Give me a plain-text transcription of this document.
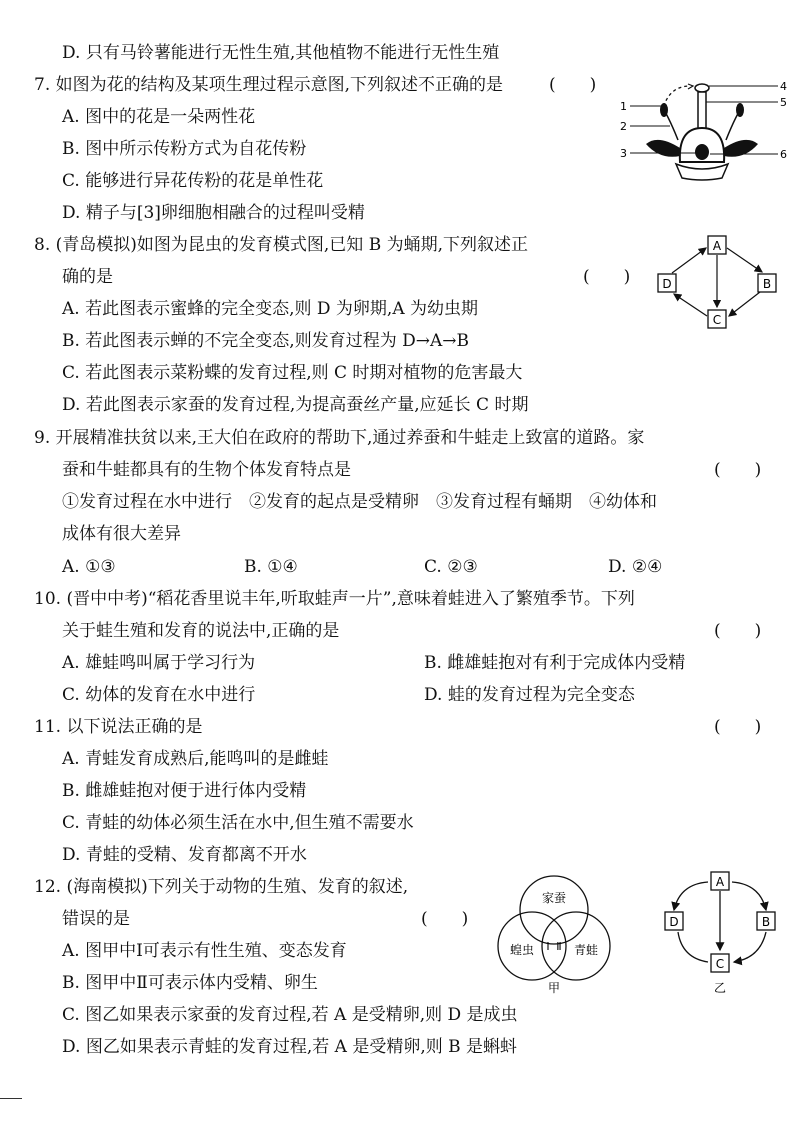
D. 只有马铃薯能进行无性生殖,其他植物不能进行无性生殖
7. 如图为花的结构及某项生理过程示意图,下列叙述不正确的是	(　　)
A. 图中的花是一朵两性花
B. 图中所示传粉方式为自花传粉
C. 能够进行异花传粉的花是单性花
D. 精子与[3]卵细胞相融合的过程叫受精
1
2
3
4
5
6
8. (青岛模拟)如图为昆虫的发育模式图,已知 B 为蛹期,下列叙述正
确的是	(　　)
A. 若此图表示蜜蜂的完全变态,则 D 为卵期,A 为幼虫期
B. 若此图表示蝉的不完全变态,则发育过程为 D→A→B
C. 若此图表示菜粉蝶的发育过程,则 C 时期对植物的危害最大
D. 若此图表示家蚕的发育过程,为提高蚕丝产量,应延长 C 时期
A
B
C
D
9. 开展精准扶贫以来,王大伯在政府的帮助下,通过养蚕和牛蛙走上致富的道路。家
蚕和牛蛙都具有的生物个体发育特点是	(　　)
①发育过程在水中进行　②发育的起点是受精卵　③发育过程有蛹期　④幼体和
成体有很大差异
A. ①③	B. ①④	C. ②③	D. ②④
10. (晋中中考)“稻花香里说丰年,听取蛙声一片”,意味着蛙进入了繁殖季节。下列
关于蛙生殖和发育的说法中,正确的是	(　　)
A. 雄蛙鸣叫属于学习行为	B. 雌雄蛙抱对有利于完成体内受精
C. 幼体的发育在水中进行	D. 蛙的发育过程为完全变态
11. 以下说法正确的是	(　　)
A. 青蛙发育成熟后,能鸣叫的是雌蛙
B. 雌雄蛙抱对便于进行体内受精
C. 青蛙的幼体必须生活在水中,但生殖不需要水
D. 青蛙的受精、发育都离不开水
12. (海南模拟)下列关于动物的生殖、发育的叙述,
错误的是	(　　)
A. 图甲中Ⅰ可表示有性生殖、变态发育
B. 图甲中Ⅱ可表示体内受精、卵生
C. 图乙如果表示家蚕的发育过程,若 A 是受精卵,则 D 是成虫
D. 图乙如果表示青蛙的发育过程,若 A 是受精卵,则 B 是蝌蚪
家蚕
蝗虫	青蛙
Ⅰ Ⅱ
甲
A
B
C
D
乙
